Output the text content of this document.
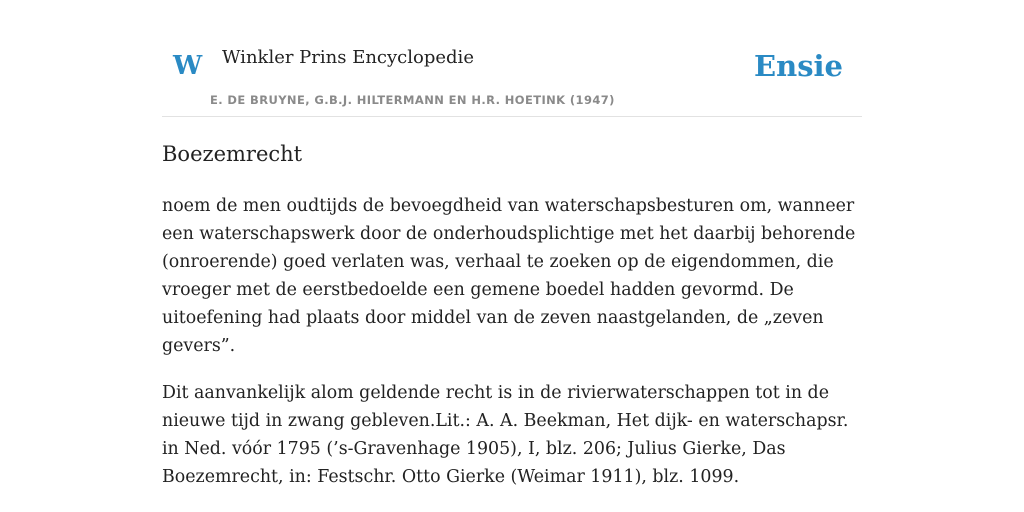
W Winkler Prins Encyclopedie	Ensie
E. DE BRUYNE, G.B.J. HILTERMANN EN H.R. HOETINK (1947)
Boezemrecht

noem de men oudtijds de bevoegdheid van waterschapsbesturen om, wanneer een waterschapswerk door de onderhoudsplichtige met het daarbij behorende (onroerende) goed verlaten was, verhaal te zoeken op de eigendommen, die vroeger met de eerstbedoelde een gemene boedel hadden gevormd. De uitoefening had plaats door middel van de zeven naastgelanden, de „zeven gevers”.

Dit aanvankelijk alom geldende recht is in de rivierwaterschappen tot in de nieuwe tijd in zwang gebleven.Lit.: A. A. Beekman, Het dijk- en waterschapsr. in Ned. vóór 1795 (’s-Gravenhage 1905), I, blz. 206; Julius Gierke, Das Boezemrecht, in: Festschr. Otto Gierke (Weimar 1911), blz. 1099.
